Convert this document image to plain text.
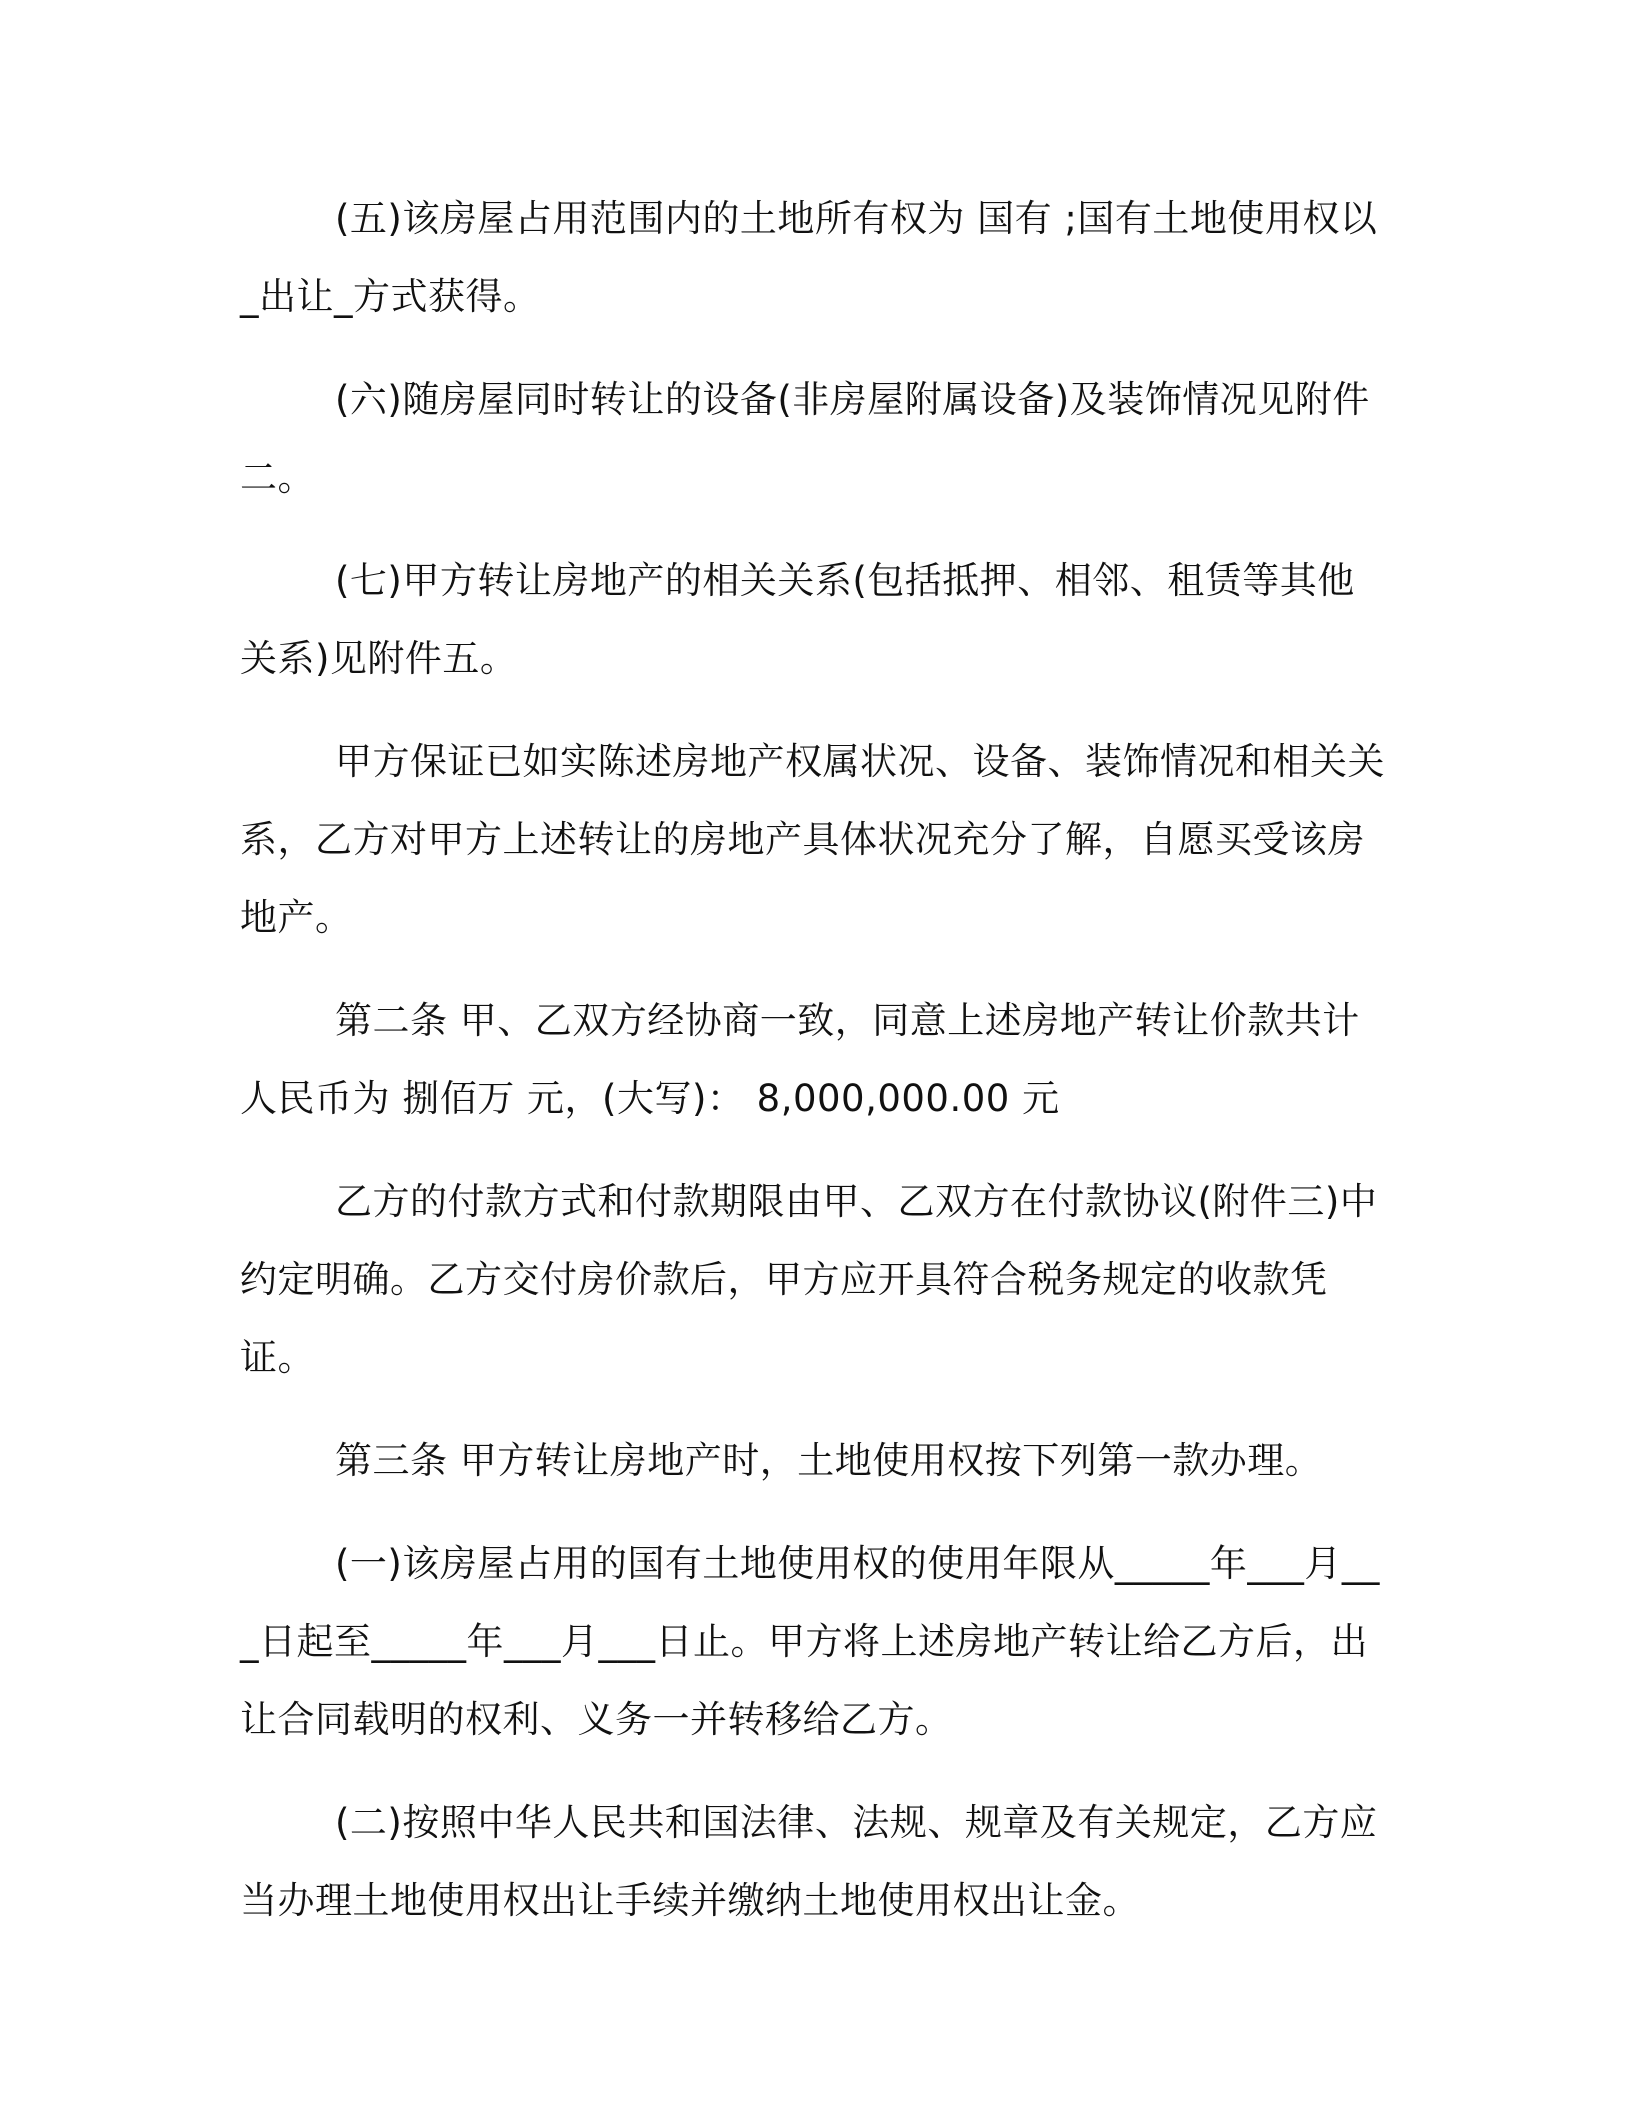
(五)该房屋占用范围内的土地所有权为 国有 ;国有土地使用权以_出让_方式获得。

(六)随房屋同时转让的设备(非房屋附属设备)及装饰情况见附件二。

(七)甲方转让房地产的相关关系(包括抵押、相邻、租赁等其他关系)见附件五。

甲方保证已如实陈述房地产权属状况、设备、装饰情况和相关关系，乙方对甲方上述转让的房地产具体状况充分了解，自愿买受该房地产。

第二条 甲、乙双方经协商一致，同意上述房地产转让价款共计人民币为 捌佰万 元，(大写)： 8,000,000.00 元

乙方的付款方式和付款期限由甲、乙双方在付款协议(附件三)中约定明确。乙方交付房价款后，甲方应开具符合税务规定的收款凭证。

第三条 甲方转让房地产时，土地使用权按下列第一款办理。

(一)该房屋占用的国有土地使用权的使用年限从_____年___月___日起至_____年___月___日止。甲方将上述房地产转让给乙方后，出让合同载明的权利、义务一并转移给乙方。

(二)按照中华人民共和国法律、法规、规章及有关规定，乙方应当办理土地使用权出让手续并缴纳土地使用权出让金。
